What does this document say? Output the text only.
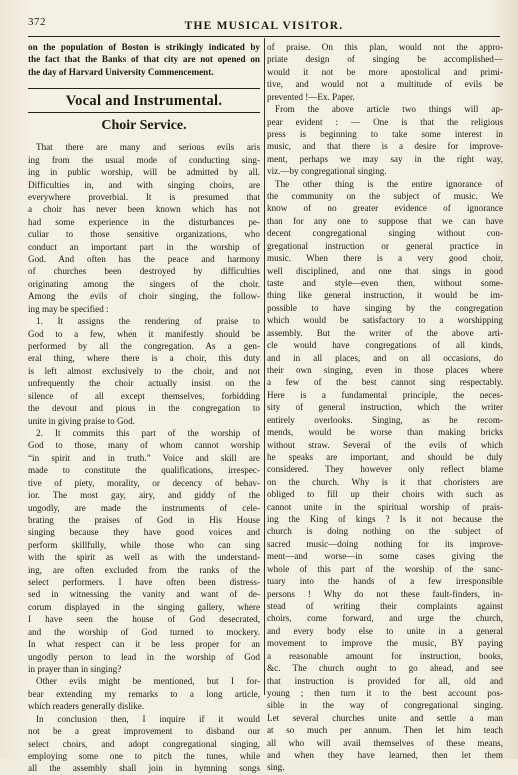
372	THE MUSICAL VISITOR.
on the population of Boston is strikingly indicated by
the fact that the Banks of that city are not opened on
the day of Harvard University Commencement.
Vocal and Instrumental.
Choir Service.
That there are many and serious evils aris
ing from the usual mode of conducting sing-
ing in public worship, will be admitted by all.
Difficulties in, and with singing choirs, are
everywhere proverbial. It is presumed that
a choir has never been known which has not
had some experience in the disturbances pe-
culiar to those sensitive organizations, who
conduct an important part in the worship of
God. And often has the peace and harmony
of churches been destroyed by difficulties
originating among the singers of the choir.
Among the evils of choir singing, the follow-
ing may be specified :
1. It assigns the rendering of praise to
God to a few, when it manifestly should be
performed by all the congregation. As a gen-
eral thing, where there is a choir, this duty
is left almost exclusively to the choir, and not
unfrequently the choir actually insist on the
silence of all except themselves, forbidding
the devout and pious in the congregation to
unite in giving praise to God.
2. It commits this part of the worship of
God to those, many of whom cannot worship
“in spirit and in truth.” Voice and skill are
made to constitute the qualifications, irrespec-
tive of piety, morality, or decency of behav-
ior. The most gay, airy, and giddy of the
ungodly, are made the instruments of cele-
brating the praises of God in His House
singing because they have good voices and
perform skillfully, while those who can sing
with the spirit as well as with the understand-
ing, are often excluded from the ranks of the
select performers. I have often been distress-
sed in witnessing the vanity and want of de-
corum displayed in the singing gallery, where
I have seen the house of God desecrated,
and the worship of God turned to mockery.
In what respect can it be less proper for an
ungodly person to lead in the worship of God
in prayer than in singing?
Other evils might be mentioned, but I for-
bear extending my remarks to a long article,
which readers generally dislike.
In conclusion then, I inquire if it would
not be a great improvement to disband our
select choirs, and adopt congregational singing,
employing some one to pitch the tunes, while
all the assembly shall join in hymning songs
of praise. On this plan, would not the appro-
priate design of singing be accomplished—
would it not be more apostolical and primi-
tive, and would not a multitude of evils be
prevented !—Ex. Paper.
From the above article two things will ap-
pear evident : — One is that the religious
press is beginning to take some interest in
music, and that there is a desire for improve-
ment, perhaps we may say in the right way,
viz.—by congregational singing.
The other thing is the entire ignorance of
the community on the subject of music. We
know of no greater evidence of ignorance
than for any one to suppose that we can have
decent congregational singing without con-
gregational instruction or general practice in
music. When there is a very good choir,
well disciplined, and one that sings in good
taste and style—even then, without some-
thing like general instruction, it would be im-
possible to have singing by the congregation
which would be satisfactory to a worshipping
assembly. But the writer of the above arti-
cle would have congregations of all kinds,
and in all places, and on all occasions, do
their own singing, even in those places where
a few of the best cannot sing respectably.
Here is a fundamental principle, the neces-
sity of general instruction, which the writer
entirely overlooks. Singing, as he recom-
mends, would be worse than making bricks
without straw. Several of the evils of which
he speaks are important, and should be duly
considered. They however only reflect blame
on the church. Why is it that choristers are
obliged to fill up their choirs with such as
cannot unite in the spiritual worship of prais-
ing the King of kings ? Is it not because the
church is doing nothing on the subject of
sacred music—doing nothing for its improve-
ment—and worse—in some cases giving the
whole of this part of the worship of the sanc-
tuary into the hands of a few irresponsible
persons ! Why do not these fault-finders, in-
stead of writing their complaints against
choirs, come forward, and urge the church,
and every body else to unite in a general
movement to improve the music, BY paying
a reasonable amount for instruction, books,
&c. The church ought to go ahead, and see
that instruction is provided for all, old and
young ; then turn it to the best account pos-
sible in the way of congregational singing.
Let several churches unite and settle a man
at so much per annum. Then let him teach
all who will avail themselves of these means,
and when they have learned, then let them
sing.
